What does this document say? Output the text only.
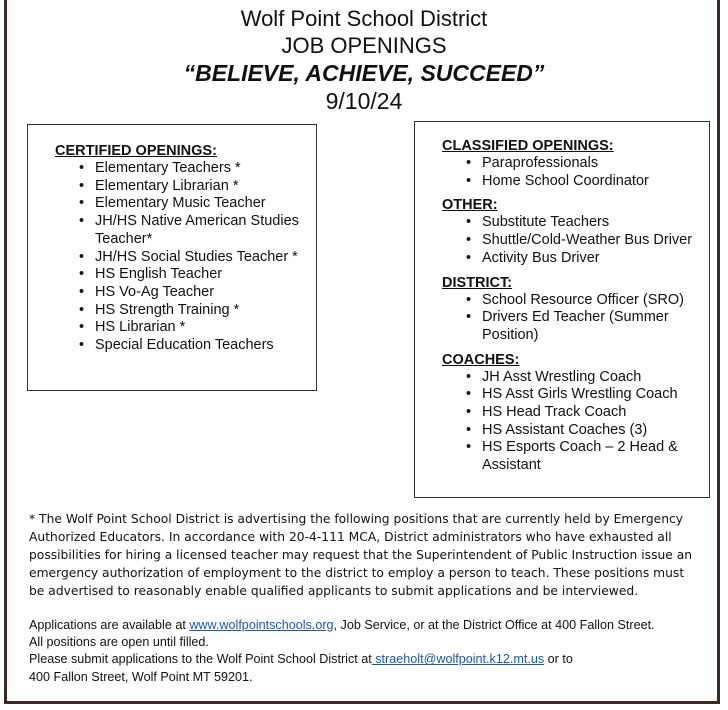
Wolf Point School District
JOB OPENINGS
“BELIEVE, ACHIEVE, SUCCEED”
9/10/24

CERTIFIED OPENINGS:

• Elementary Teachers *
• Elementary Librarian *
• Elementary Music Teacher
• JH/HS Native American Studies Teacher*
• JH/HS Social Studies Teacher *
• HS English Teacher
• HS Vo-Ag Teacher
• HS Strength Training *
• HS Librarian *
• Special Education Teachers

CLASSIFIED OPENINGS:

• Paraprofessionals
• Home School Coordinator

OTHER:

• Substitute Teachers
• Shuttle/Cold-Weather Bus Driver
• Activity Bus Driver

DISTRICT:

• School Resource Officer (SRO)
• Drivers Ed Teacher (Summer Position)

COACHES:

• JH Asst Wrestling Coach
• HS Asst Girls Wrestling Coach
• HS Head Track Coach
• HS Assistant Coaches (3)
• HS Esports Coach – 2 Head & Assistant

* The Wolf Point School District is advertising the following positions that are currently held by Emergency Authorized Educators. In accordance with 20-4-111 MCA, District administrators who have exhausted all possibilities for hiring a licensed teacher may request that the Superintendent of Public Instruction issue an emergency authorization of employment to the district to employ a person to teach. These positions must be advertised to reasonably enable qualified applicants to submit applications and be interviewed.

Applications are available at www.wolfpointschools.org, Job Service, or at the District Office at 400 Fallon Street.

All positions are open until filled.

Please submit applications to the Wolf Point School District at straeholt@wolfpoint.k12.mt.us or to

400 Fallon Street, Wolf Point MT 59201.
